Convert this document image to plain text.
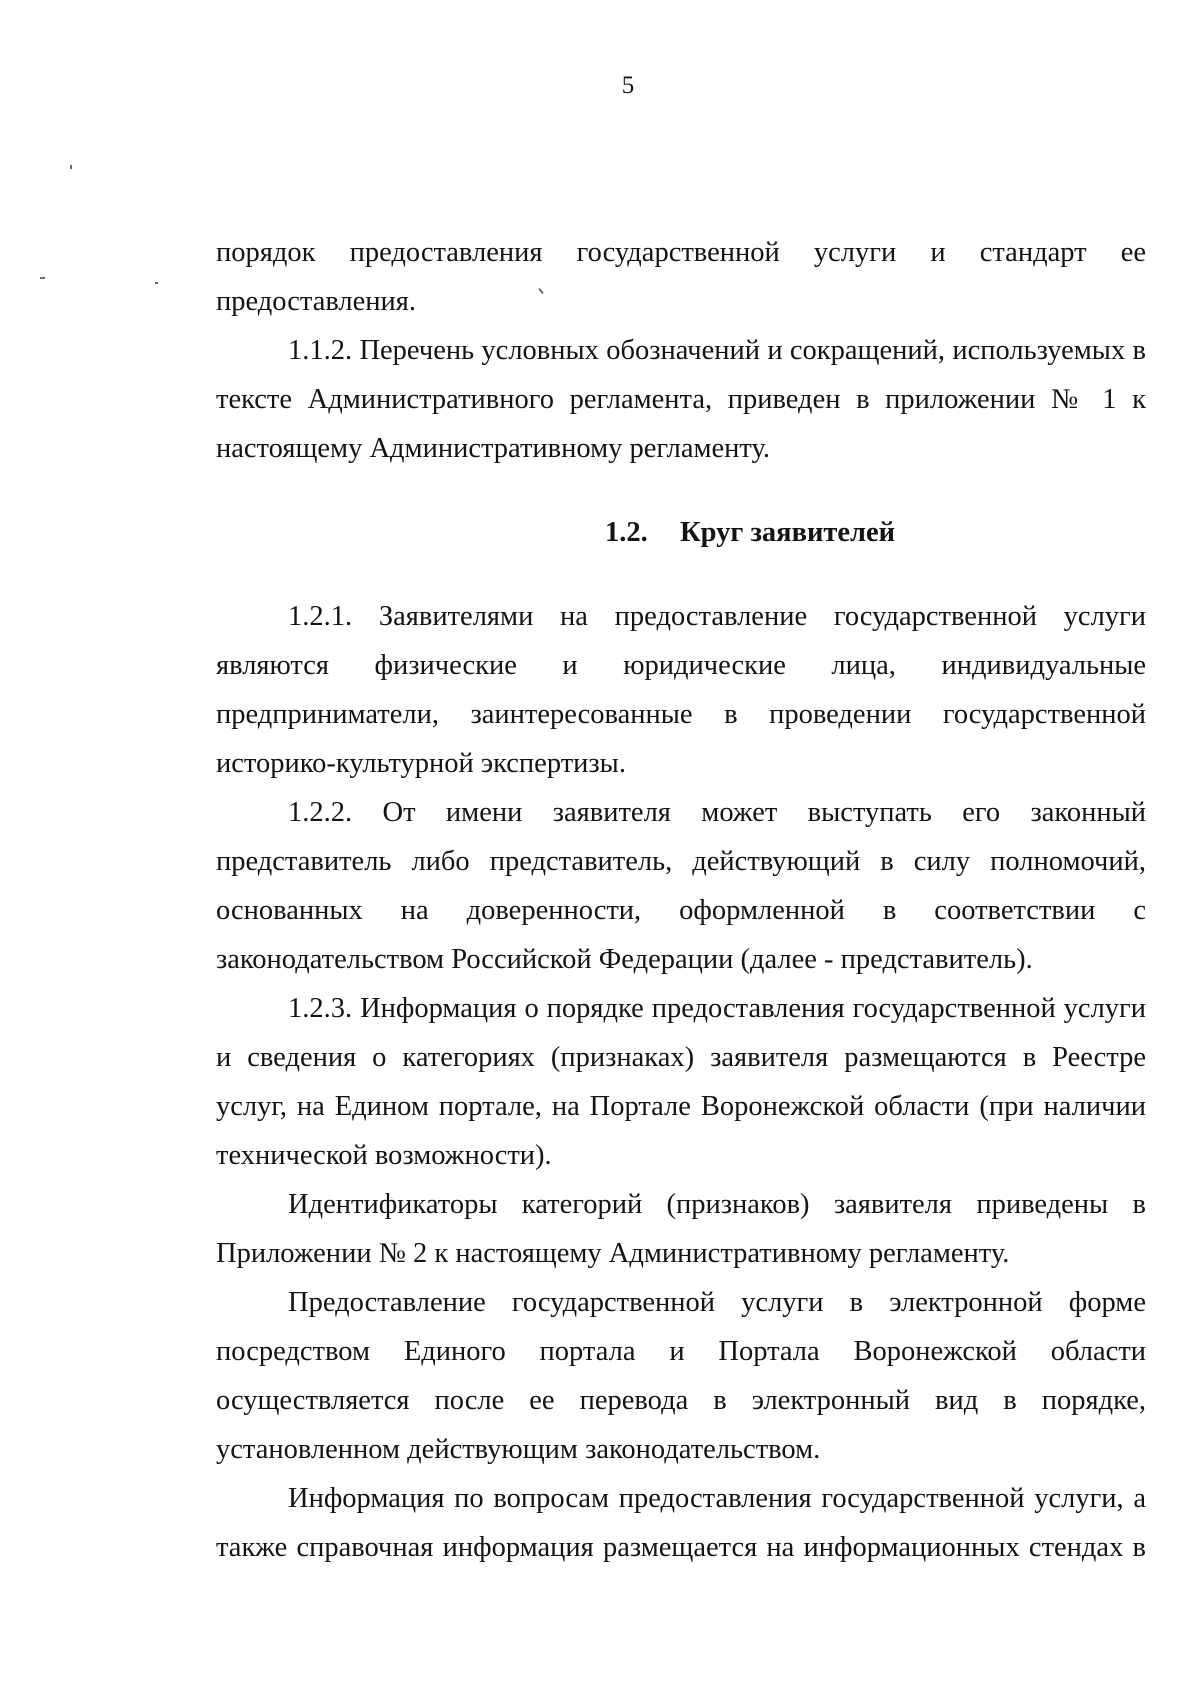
5

порядок предоставления государственной услуги и стандарт ее

предоставления.

1.1.2. Перечень условных обозначений и сокращений, используемых в тексте Административного регламента, приведен в приложении № 1 к настоящему Административному регламенту.

1.2. Круг заявителей

1.2.1. Заявителями на предоставление государственной услуги являются физические и юридические лица, индивидуальные предприниматели, заинтересованные в проведении государственной историко-культурной экспертизы.

1.2.2. От имени заявителя может выступать его законный представитель либо представитель, действующий в силу полномочий, основанных на доверенности, оформленной в соответствии с законодательством Российской Федерации (далее - представитель).

1.2.3. Информация о порядке предоставления государственной услуги и сведения о категориях (признаках) заявителя размещаются в Реестре услуг, на Едином портале, на Портале Воронежской области (при наличии технической возможности).

Идентификаторы категорий (признаков) заявителя приведены в Приложении № 2 к настоящему Административному регламенту.

Предоставление государственной услуги в электронной форме посредством Единого портала и Портала Воронежской области осуществляется после ее перевода в электронный вид в порядке, установленном действующим законодательством.

Информация по вопросам предоставления государственной услуги, а также справочная информация размещается на информационных стендах в
